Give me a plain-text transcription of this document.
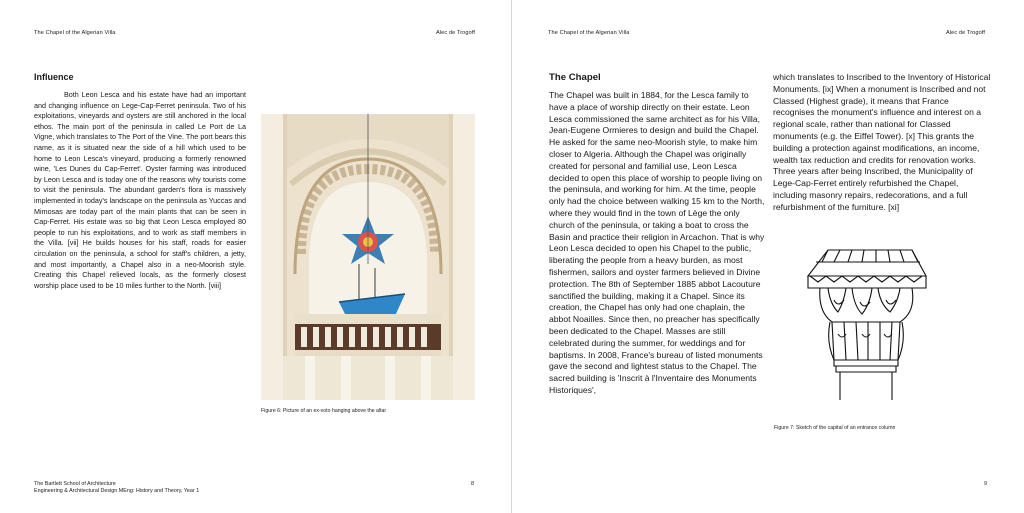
The Chapel of the Algerian Villa	Alec de Trogoff
Influence
Both Leon Lesca and his estate have had an important and changing influence on Lege-Cap-Ferret peninsula. Two of his exploitations, vineyards and oysters are still anchored in the local ethos. The main port of the peninsula in called Le Port de La Vigne, which translates to The Port of the Vine. The port bears this name, as it is situated near the side of a hill which used to be home to Leon Lesca's vineyard, producing a formerly renowned wine, 'Les Dunes du Cap-Ferret'. Oyster farming was introduced by Leon Lesca and is today one of the reasons why tourists come to visit the peninsula. The abundant garden's flora is massively implemented in today's landscape on the peninsula as Yuccas and Mimosas are today part of the main plants that can be seen in Cap-Ferret. His estate was so big that Leon Lesca employed 80 people to run his exploitations, and to work as staff members in the Villa. [vii] He builds houses for his staff, roads for easier circulation on the peninsula, a school for staff's children, a jetty, and most importantly, a Chapel also in a neo-Moorish style. Creating this Chapel relieved locals, as the formerly closest worship place used to be 10 miles further to the North. [viii]
Figure 6: Picture of an ex-voto hanging above the altar
The Bartlett School of Architecture
Engineering & Architectural Design MEng: History and Theory, Year 1
8
The Chapel of the Algerian Villa	Alec de Trogoff
The Chapel
The Chapel was built in 1884, for the Lesca family to have a place of worship directly on their estate. Leon Lesca commissioned the same architect as for his Villa, Jean-Eugene Ormieres to design and build the Chapel. He asked for the same neo-Moorish style, to make him closer to Algeria. Although the Chapel was originally created for personal and familial use, Leon Lesca decided to open this place of worship to people living on the peninsula, and working for him. At the time, people only had the choice between walking 15 km to the North, where they would find in the town of Lège the only church of the peninsula, or taking a boat to cross the Basin and practice their religion in Arcachon. That is why Leon Lesca decided to open his Chapel to the public, liberating the people from a heavy burden, as most fishermen, sailors and oyster farmers believed in Divine protection. The 8th of September 1885 abbot Lacouture sanctified the building, making it a Chapel. Since its creation, the Chapel has only had one chaplain, the abbot Noailles. Since then, no preacher has specifically been dedicated to the Chapel. Masses are still celebrated during the summer, for weddings and for baptisms. In 2008, France's bureau of listed monuments gave the second and lightest status to the Chapel. The sacred building is 'Inscrit à l'Inventaire des Monuments Historiques',
which translates to Inscribed to the Inventory of Historical Monuments. [ix] When a monument is Inscribed and not Classed (Highest grade), it means that France recognises the monument's influence and interest on a regional scale, rather than national for Classed monuments (e.g. the Eiffel Tower). [x] This grants the building a protection against modifications, an income, wealth tax reduction and credits for renovation works. Three years after being Inscribed, the Municipality of Lege-Cap-Ferret entirely refurbished the Chapel, including masonry repairs, redecorations, and a full refurbishment of the furniture. [xi]
9
Figure 7: Sketch of the capital of an entrance column
